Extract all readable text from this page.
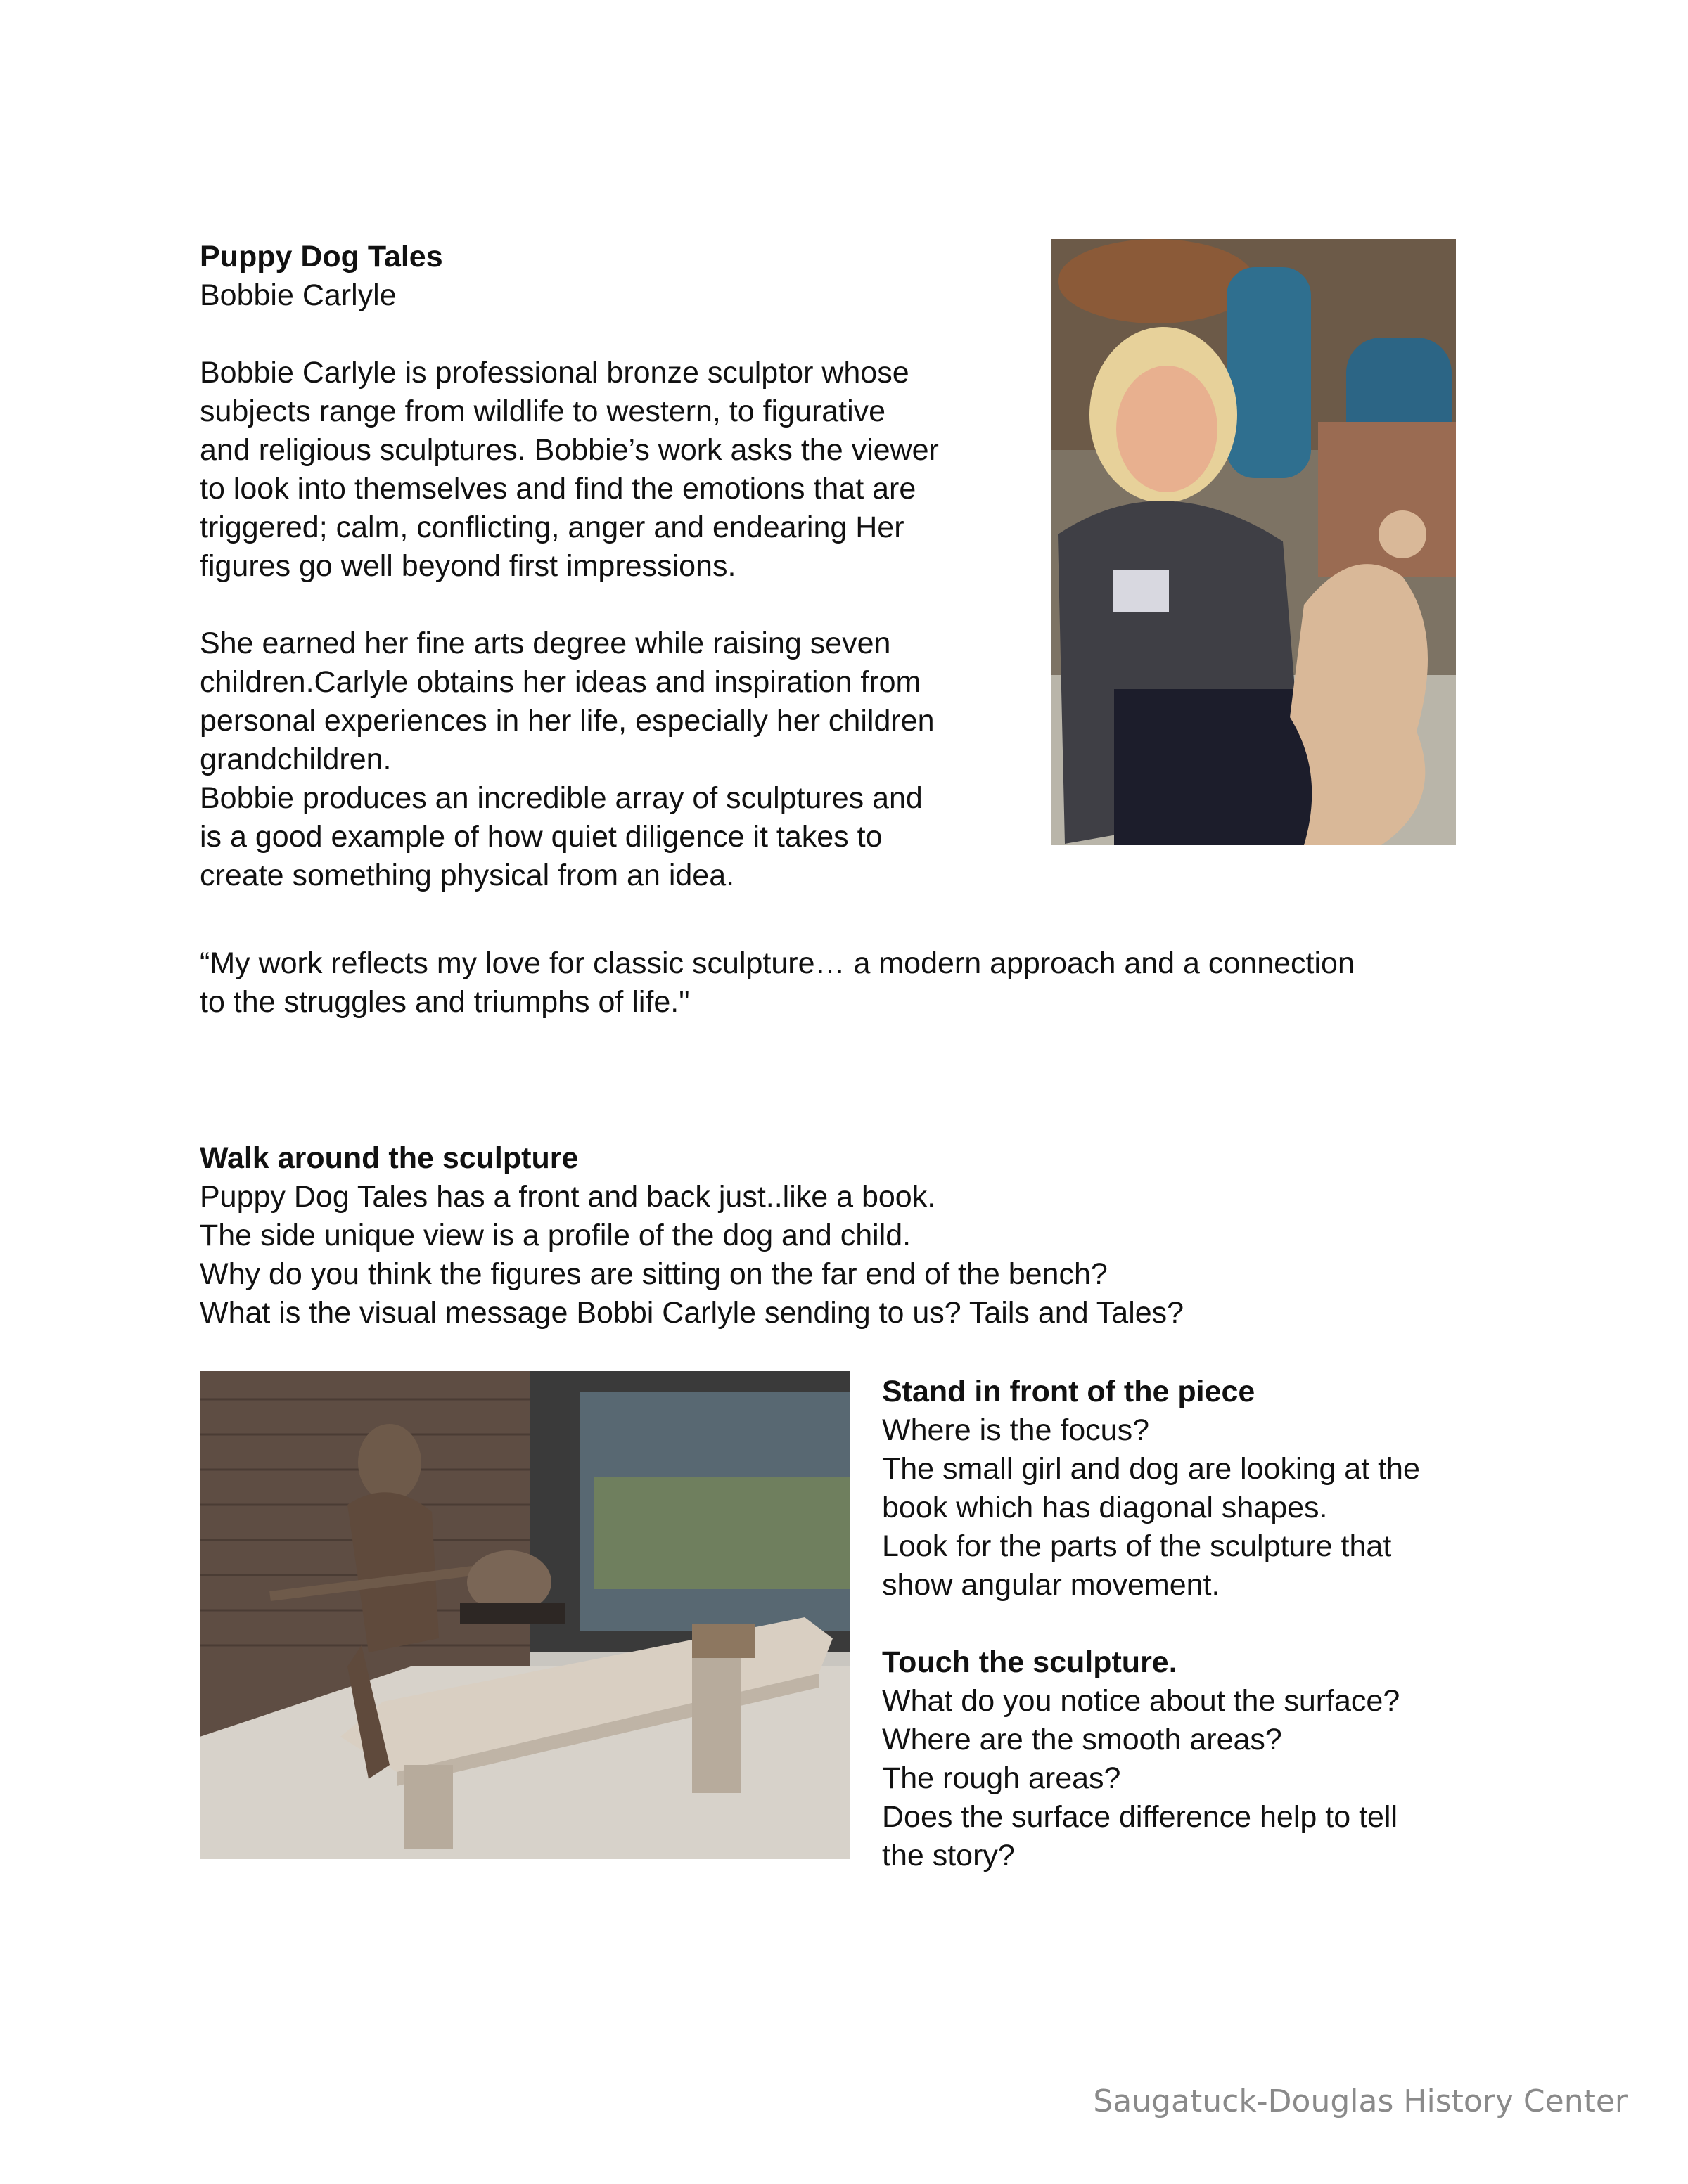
Puppy Dog Tales
Bobbie Carlyle
Bobbie Carlyle is professional bronze sculptor whose
subjects range from wildlife to western, to figurative
and religious sculptures. Bobbie’s work asks the viewer
to look into themselves and find the emotions that are
triggered; calm, conflicting, anger and endearing Her
figures go well beyond first impressions.
She earned her fine arts degree while raising seven
children.Carlyle obtains her ideas and inspiration from
personal experiences in her life, especially her children
grandchildren.
Bobbie produces an incredible array of sculptures and
is a good example of how quiet diligence it takes to
create something physical from an idea.
“My work reflects my love for classic sculpture… a modern approach and a connection
to the struggles and triumphs of life."
Walk around the sculpture
Puppy Dog Tales has a front and back just..like a book.
The side unique view is a profile of the dog and child.
Why do you think the figures are sitting on the far end of the bench?
What is the visual message Bobbi Carlyle sending to us? Tails and Tales?
Stand in front of the piece
Where is the focus?
The small girl and dog are looking at the
book which has diagonal shapes.
Look for the parts of the sculpture that
show angular movement.
Touch the sculpture.
What do you notice about the surface?
Where are the smooth areas?
The rough areas?
Does the surface difference help to tell
the story?
Saugatuck-Douglas History Center
